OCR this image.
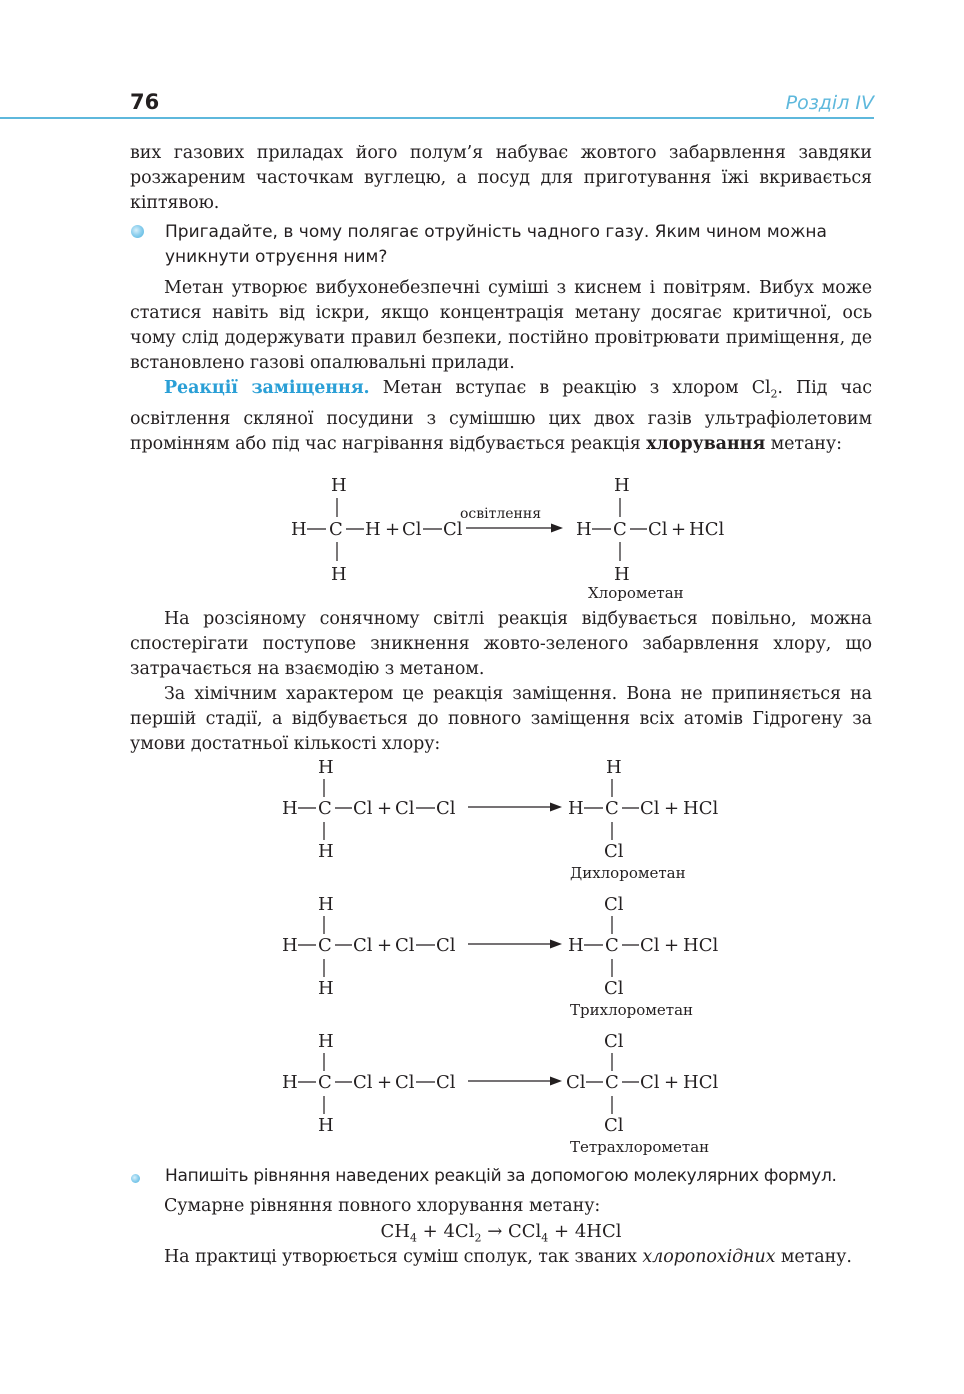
76	Розділ IV

вих газових приладах його полум’я набуває жовтого забарвлення завдяки розжареним часточкам вуглецю, а посуд для приготування їжі вкривається кіптявою.

Пригадайте, в чому полягає отруйність чадного газу. Яким чином можна уникнути отруєння ним?

Метан утворює вибухонебезпечні суміші з киснем і повітрям. Вибух може статися навіть від іскри, якщо концентрація метану досягає критичної, ось чому слід додержувати правил безпеки, постійно провітрювати приміщення, де встановлено газові опалювальні прилади.

Реакції заміщення. Метан вступає в реакцію з хлором $Cl_2$. Під час освітлення скляної посудини з сумішшю цих двох газів ультрафіолетовим промінням або під час нагрівання відбувається реакція хлорування метану:

H
H C H + Cl Cl
H
освітлення
H
H C Cl + HCl
H
Хлорометан
H
H C Cl + Cl Cl
H
H
H C Cl + HCl
Cl
Дихлорометан
H
H C Cl + Cl Cl
H
Cl
H C Cl + HCl
Cl
Трихлорометан
H
H C Cl + Cl Cl
H
Cl
Cl C Cl + HCl
Cl
Тетрахлорометан

На розсіяному сонячному світлі реакція відбувається повільно, можна спостерігати поступове зникнення жовто-зеленого забарвлення хлору, що затрачається на взаємодію з метаном.

За хімічним характером це реакція заміщення. Вона не припиняється на першій стадії, а відбувається до повного заміщення всіх атомів Гідрогену за умови достатньої кількості хлору:

Напишіть рівняння наведених реакцій за допомогою молекулярних формул.

Сумарне рівняння повного хлорування метану:

$CH_4 + 4Cl_2 \to CCl_4 + 4HCl$

На практиці утворюється суміш сполук, так званих хлоропохідних метану.
